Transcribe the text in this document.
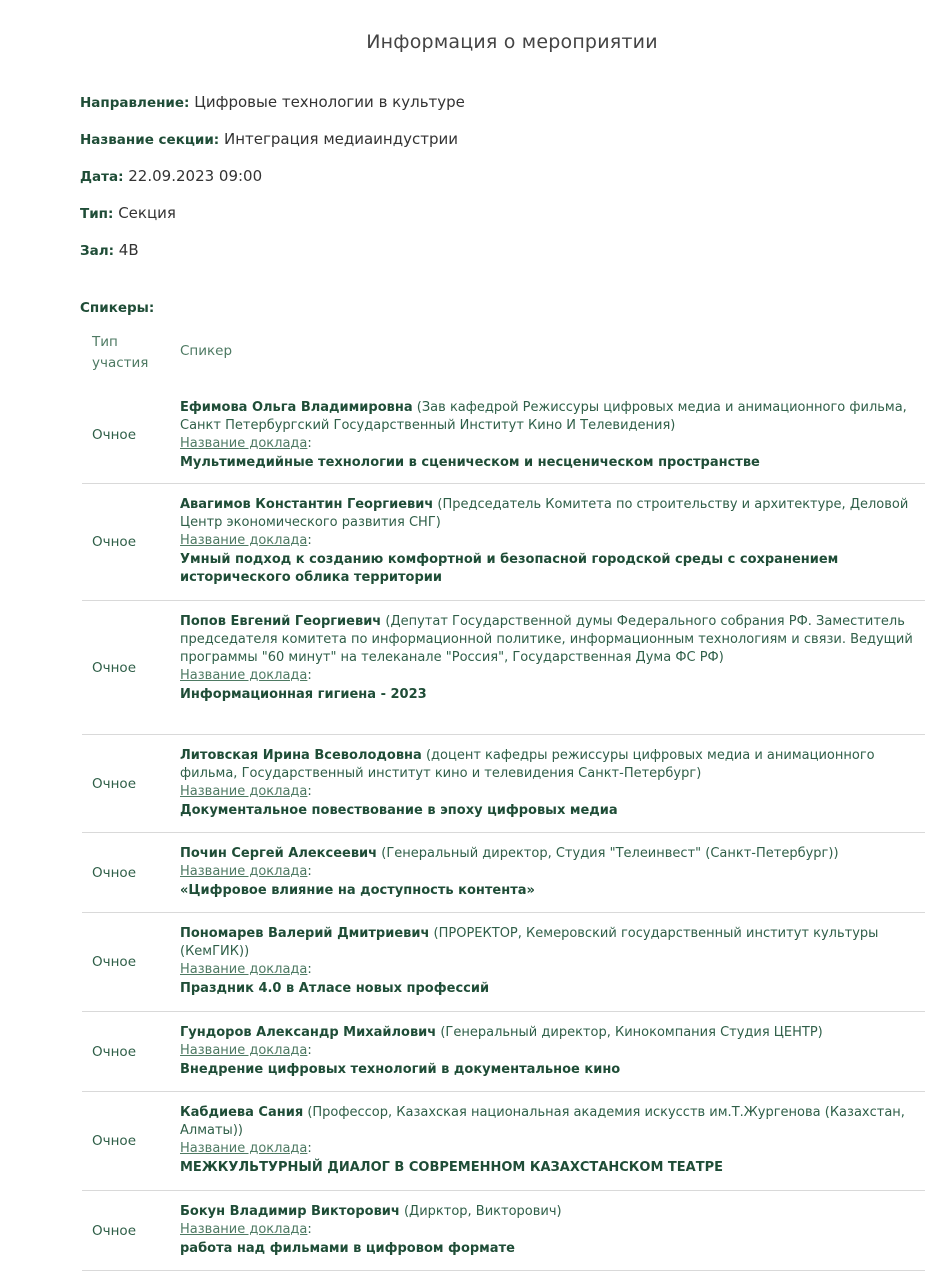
Информация о мероприятии
Направление: Цифровые технологии в культуре
Название секции: Интеграция медиаиндустрии
Дата: 22.09.2023 09:00
Тип: Секция
Зал: 4B
Спикеры:
Тип участия
Спикер
Очное
Ефимова Ольга Владимировна (Зав кафедрой Режиссуры цифровых медиа и анимационного фильма, Санкт Петербургский Государственный Институт Кино И Телевидения)
Название доклада:
Мультимедийные технологии в сценическом и несценическом пространстве
Очное
Авагимов Константин Георгиевич (Председатель Комитета по строительству и архитектуре, Деловой Центр экономического развития СНГ)
Название доклада:
Умный подход к созданию комфортной и безопасной городской среды с сохранением исторического облика территории
Очное
Попов Евгений Георгиевич (Депутат Государственной думы Федерального собрания РФ. Заместитель председателя комитета по информационной политике, информационным технологиям и связи. Ведущий программы "60 минут" на телеканале "Россия", Государственная Дума ФС РФ)
Название доклада:
Информационная гигиена - 2023
Очное
Литовская Ирина Всеволодовна (доцент кафедры режиссуры цифровых медиа и анимационного фильма, Государственный институт кино и телевидения Санкт-Петербург)
Название доклада:
Документальное повествование в эпоху цифровых медиа
Очное
Почин Сергей Алексеевич (Генеральный директор, Студия "Телеинвест" (Санкт-Петербург))
Название доклада:
«Цифровое влияние на доступность контента»
Очное
Пономарев Валерий Дмитриевич (ПРОРЕКТОР, Кемеровский государственный институт культуры (КемГИК))
Название доклада:
Праздник 4.0 в Атласе новых профессий
Очное
Гундоров Александр Михайлович (Генеральный директор, Кинокомпания Студия ЦЕНТР)
Название доклада:
Внедрение цифровых технологий в документальное кино
Очное
Кабдиева Сания (Профессор, Казахская национальная академия искусств им.Т.Жургенова (Казахстан, Алматы))
Название доклада:
МЕЖКУЛЬТУРНЫЙ ДИАЛОГ В СОВРЕМЕННОМ КАЗАХСТАНСКОМ ТЕАТРЕ
Очное
Бокун Владимир Викторович (Дирктор, Викторович)
Название доклада:
работа над фильмами в цифровом формате
